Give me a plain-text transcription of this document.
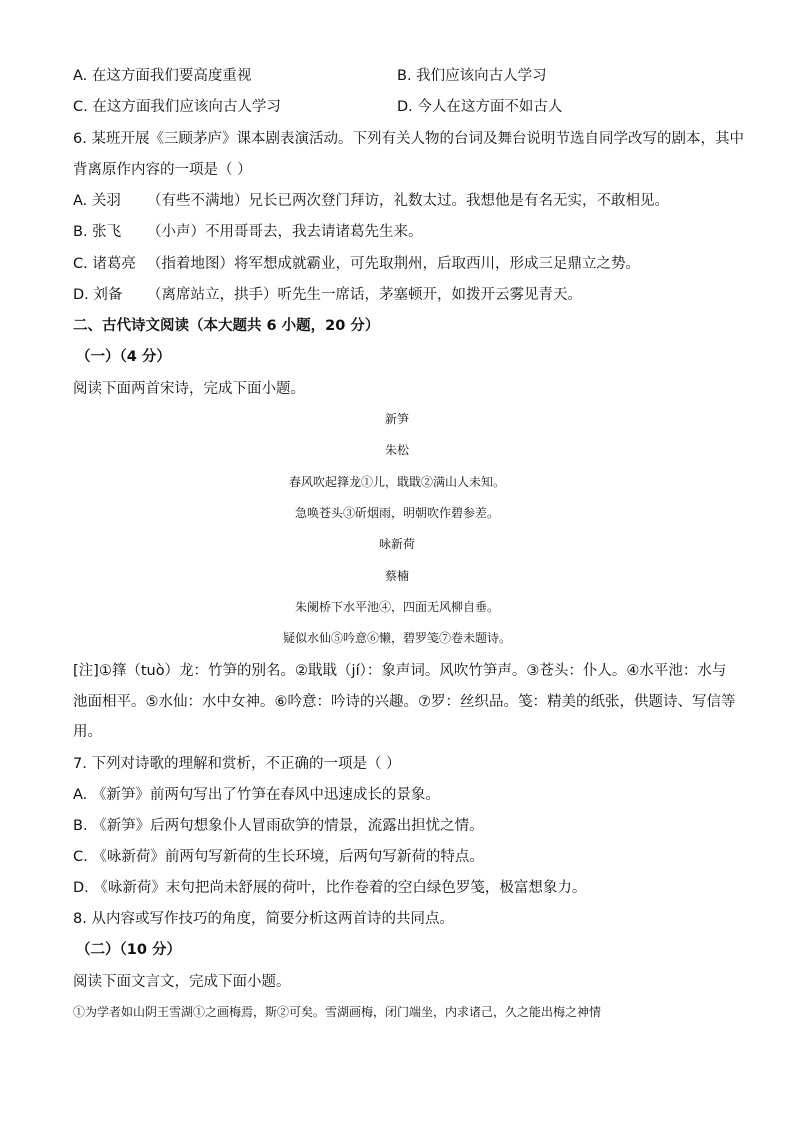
A. 在这方面我们要高度重视	B. 我们应该向古人学习
C. 在这方面我们应该向古人学习	D. 今人在这方面不如古人
6. 某班开展《三顾茅庐》课本剧表演活动。下列有关人物的台词及舞台说明节选自同学改写的剧本，其中
背离原作内容的一项是（ ）
A. 关羽 （有些不满地）兄长已两次登门拜访，礼数太过。我想他是有名无实，不敢相见。
B. 张飞 （小声）不用哥哥去，我去请诸葛先生来。
C. 诸葛亮 （指着地图）将军想成就霸业，可先取荆州，后取西川，形成三足鼎立之势。
D. 刘备 （离席站立，拱手）听先生一席话，茅塞顿开，如拨开云雾见青天。
二、古代诗文阅读（本大题共 6 小题，20 分）
（一）（4 分）
阅读下面两首宋诗，完成下面小题。
新笋
朱松
春风吹起箨龙①儿，戢戢②满山人未知。
急唤苍头③斫烟雨，明朝吹作碧参差。
咏新荷
蔡楠
朱阑桥下水平池④，四面无风柳自垂。
疑似水仙⑤吟意⑥懒，碧罗笺⑦卷未题诗。
[注]①箨（tuò）龙：竹笋的别名。②戢戢（jí）：象声词。风吹竹笋声。③苍头：仆人。④水平池：水与
池面相平。⑤水仙：水中女神。⑥吟意：吟诗的兴趣。⑦罗：丝织品。笺：精美的纸张，供题诗、写信等
用。
7. 下列对诗歌的理解和赏析，不正确的一项是（ ）
A. 《新笋》前两句写出了竹笋在春风中迅速成长的景象。
B. 《新笋》后两句想象仆人冒雨砍笋的情景，流露出担忧之情。
C. 《咏新荷》前两句写新荷的生长环境，后两句写新荷的特点。
D. 《咏新荷》末句把尚未舒展的荷叶，比作卷着的空白绿色罗笺，极富想象力。
8. 从内容或写作技巧的角度，简要分析这两首诗的共同点。
（二）（10 分）
阅读下面文言文，完成下面小题。
①为学者如山阴王雪湖①之画梅焉，斯②可矣。雪湖画梅，闭门端坐，内求诸己，久之能出梅之神情
